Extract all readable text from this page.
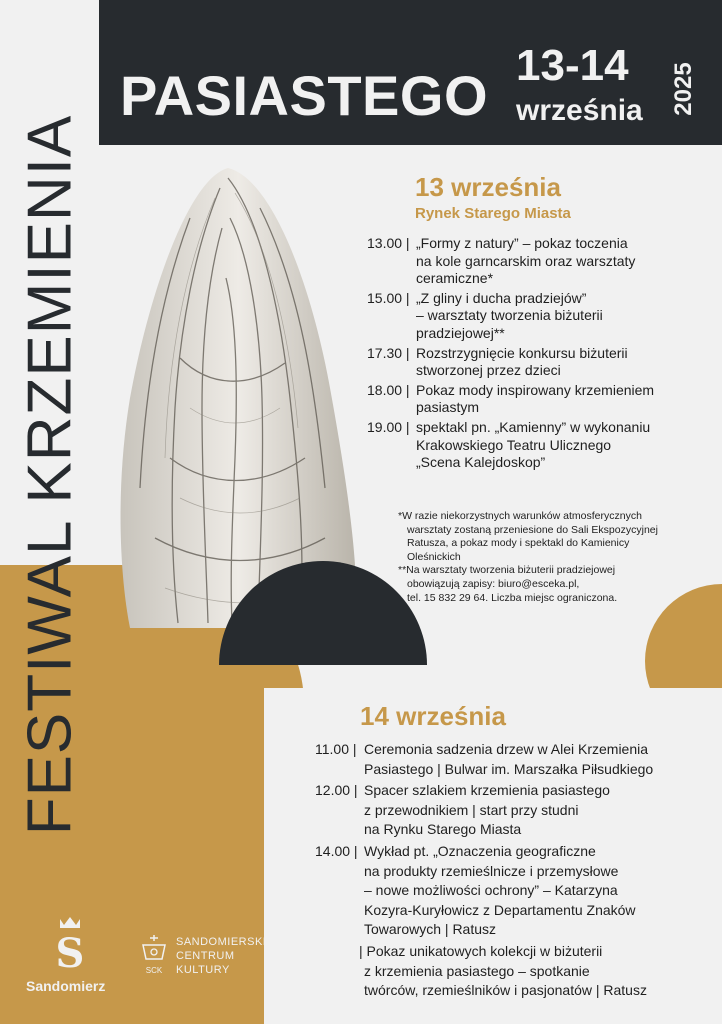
PASIASTEGO 13-14
września 2025
FESTIWAL KRZEMIENIA	13 września
Rynek Starego Miasta
13.00 | „Formy z natury” – pokaz toczenia
na kole garncarskim oraz warsztaty
ceramiczne*
15.00 | „Z gliny i ducha pradziejów”
– warsztaty tworzenia biżuterii
pradziejowej**
17.30 | Rozstrzygnięcie konkursu biżuterii
stworzonej przez dzieci
18.00 | Pokaz mody inspirowany krzemieniem
pasiastym
19.00 | spektakl pn. „Kamienny” w wykonaniu
Krakowskiego Teatru Ulicznego
„Scena Kalejdoskop”
*W razie niekorzystnych warunków atmosferycznych
warsztaty zostaną przeniesione do Sali Ekspozycyjnej
Ratusza, a pokaz mody i spektakl do Kamienicy
Oleśnickich
**Na warsztaty tworzenia biżuterii pradziejowej
obowiązują zapisy: biuro@esceka.pl,
tel. 15 832 29 64. Liczba miejsc ograniczona.
14 września
11.00 | Ceremonia sadzenia drzew w Alei Krzemienia
Pasiastego | Bulwar im. Marszałka Piłsudkiego
12.00 | Spacer szlakiem krzemienia pasiastego
z przewodnikiem | start przy studni
na Rynku Starego Miasta
14.00 | Wykład pt. „Oznaczenia geograficzne
na produkty rzemieślnicze i przemysłowe
– nowe możliwości ochrony” – Katarzyna
Kozyra-Kuryłowicz z Departamentu Znaków
Towarowych | Ratusz
| Pokaz unikatowych kolekcji w biżuterii
z krzemienia pasiastego – spotkanie
twórców, rzemieślników i pasjonatów | Ratusz
S
Sandomierz
SCK
SANDOMIERSKIE
CENTRUM
KULTURY
